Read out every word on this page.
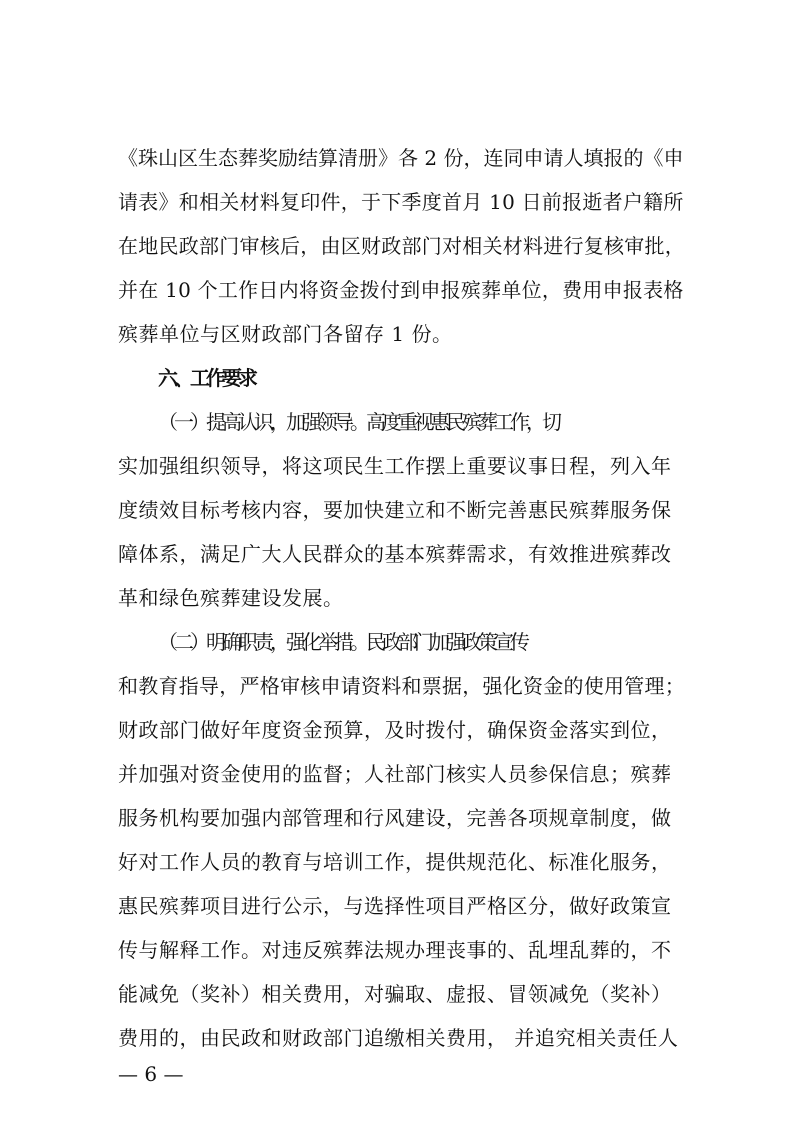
《珠山区生态葬奖励结算清册》各 2 份，连同申请人填报的《申
请表》和相关材料复印件，于下季度首月 10 日前报逝者户籍所
在地民政部门审核后，由区财政部门对相关材料进行复核审批，
并在 10 个工作日内将资金拨付到申报殡葬单位，费用申报表格
殡葬单位与区财政部门各留存 1 份。
六、工作要求
（一）提高认识，加强领导。高度重视惠民殡葬工作，切
实加强组织领导，将这项民生工作摆上重要议事日程，列入年
度绩效目标考核内容，要加快建立和不断完善惠民殡葬服务保
障体系，满足广大人民群众的基本殡葬需求，有效推进殡葬改
革和绿色殡葬建设发展。
（二）明确职责，强化举措。民政部门加强政策宣传
和教育指导，严格审核申请资料和票据，强化资金的使用管理；
财政部门做好年度资金预算，及时拨付，确保资金落实到位，
并加强对资金使用的监督；人社部门核实人员参保信息；殡葬
服务机构要加强内部管理和行风建设，完善各项规章制度，做
好对工作人员的教育与培训工作，提供规范化、标准化服务，
惠民殡葬项目进行公示，与选择性项目严格区分，做好政策宣
传与解释工作。对违反殡葬法规办理丧事的、乱埋乱葬的，不
能减免（奖补）相关费用，对骗取、虚报、冒领减免（奖补）
费用的，由民政和财政部门追缴相关费用， 并追究相关责任人
— 6 —
